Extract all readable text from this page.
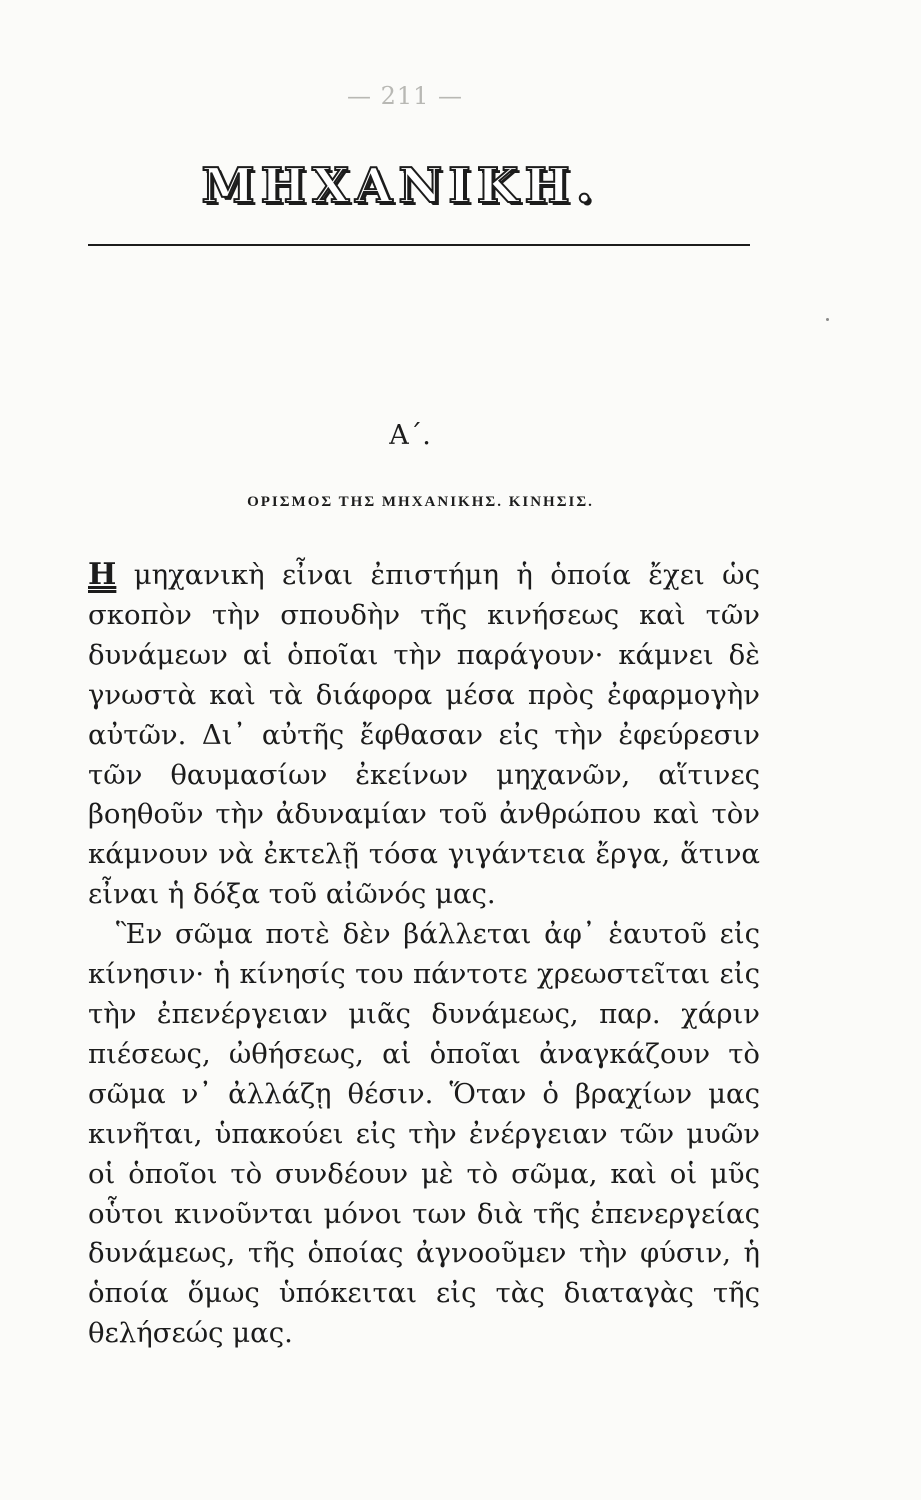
— 211 —
ΜΗΧΑΝΙΚΗ.
Α΄.
ΟΡΙΣΜΟΣ ΤΗΣ ΜΗΧΑΝΙΚΗΣ. ΚΙΝΗΣΙΣ.

Η μηχανικὴ εἶναι ἐπιστήμη ἡ ὁποία ἔχει ὡς σκοπὸν τὴν σπουδὴν τῆς κινήσεως καὶ τῶν δυνάμεων αἱ ὁποῖαι τὴν παράγουν· κάμνει δὲ γνωστὰ καὶ τὰ διάφορα μέσα πρὸς ἐφαρμογὴν αὐτῶν. Δι᾽ αὐτῆς ἔφθασαν εἰς τὴν ἐφεύρεσιν τῶν θαυμασίων ἐκείνων μηχανῶν, αἵτινες βοηθοῦν τὴν ἀδυναμίαν τοῦ ἀνθρώπου καὶ τὸν κάμνουν νὰ ἐκτελῇ τόσα γιγάντεια ἔργα, ἅτινα εἶναι ἡ δόξα τοῦ αἰῶνός μας.

Ἓν σῶμα ποτὲ δὲν βάλλεται ἀφ᾽ ἑαυτοῦ εἰς κίνησιν· ἡ κίνησίς του πάντοτε χρεωστεῖται εἰς τὴν ἐπενέργειαν μιᾶς δυνάμεως, παρ. χάριν πιέσεως, ὠθήσεως, αἱ ὁποῖαι ἀναγκάζουν τὸ σῶμα ν᾽ ἀλλάζῃ θέσιν. Ὅταν ὁ βραχίων μας κινῆται, ὑπακούει εἰς τὴν ἐνέργειαν τῶν μυῶν οἱ ὁποῖοι τὸ συνδέουν μὲ τὸ σῶμα, καὶ οἱ μῦς οὗτοι κινοῦνται μόνοι των διὰ τῆς ἐπενεργείας δυνάμεως, τῆς ὁποίας ἀγνοοῦμεν τὴν φύσιν, ἡ ὁποία ὅμως ὑπόκειται εἰς τὰς διαταγὰς τῆς θελήσεώς μας.
